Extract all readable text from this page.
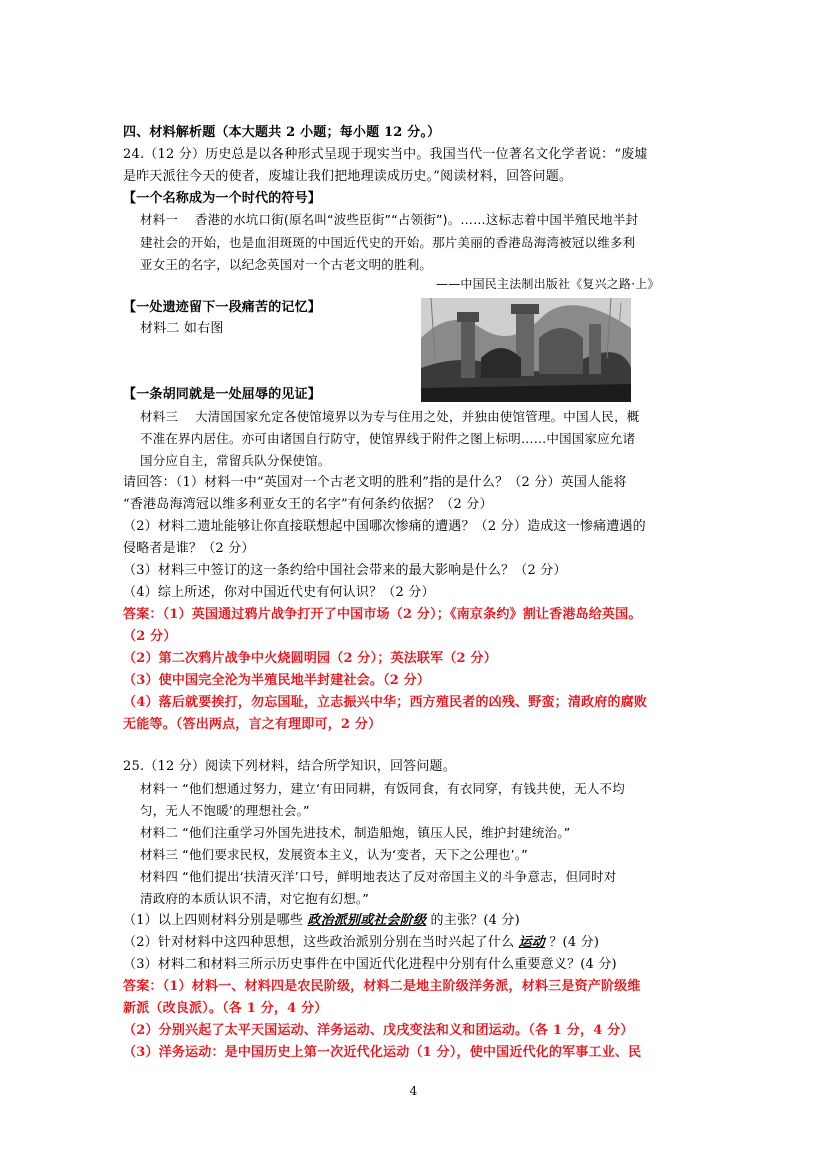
四、材料解析题（本大题共 2 小题；每小题 12 分。）
24.（12 分）历史总是以各种形式呈现于现实当中。我国当代一位著名文化学者说：“废墟
是昨天派往今天的使者，废墟让我们把地理读成历史。”阅读材料，回答问题。
【一个名称成为一个时代的符号】
材料一　 香港的水坑口街(原名叫“波些臣街”“占领街”)。……这标志着中国半殖民地半封
建社会的开始，也是血泪斑斑的中国近代史的开始。那片美丽的香港岛海湾被冠以维多利
亚女王的名字，以纪念英国对一个古老文明的胜利。
——中国民主法制出版社《复兴之路·上》
【一处遗迹留下一段痛苦的记忆】
材料二 如右图
【一条胡同就是一处屈辱的见证】
材料三　 大清国国家允定各使馆境界以为专与住用之处，并独由使馆管理。中国人民，概
不准在界内居住。亦可由诸国自行防守，使馆界线于附件之图上标明……中国国家应允诸
国分应自主，常留兵队分保使馆。
请回答：（1）材料一中“英国对一个古老文明的胜利”指的是什么？（2 分）英国人能将
“香港岛海湾冠以维多利亚女王的名字”有何条约依据？（2 分）
（2）材料二遗址能够让你直接联想起中国哪次惨痛的遭遇？（2 分）造成这一惨痛遭遇的
侵略者是谁？（2 分）
（3）材料三中签订的这一条约给中国社会带来的最大影响是什么？（2 分）
（4）综上所述，你对中国近代史有何认识？（2 分）
答案：（1）英国通过鸦片战争打开了中国市场（2 分）；《南京条约》割让香港岛给英国。
（2 分）
（2）第二次鸦片战争中火烧圆明园（2 分）；英法联军（2 分）
（3）使中国完全沦为半殖民地半封建社会。（2 分）
（4）落后就要挨打，勿忘国耻，立志振兴中华；西方殖民者的凶残、野蛮；清政府的腐败
无能等。（答出两点，言之有理即可，2 分）
25.（12 分）阅读下列材料，结合所学知识，回答问题。
材料一 “他们想通过努力，建立‘有田同耕，有饭同食，有衣同穿，有钱共使，无人不均
匀，无人不饱暖’的理想社会。”
材料二 “他们注重学习外国先进技术，制造船炮，镇压人民，维护封建统治。”
材料三 “他们要求民权，发展资本主义，认为‘变者，天下之公理也’。”
材料四 “他们提出‘扶清灭洋’口号，鲜明地表达了反对帝国主义的斗争意志，但同时对
清政府的本质认识不清，对它抱有幻想。”
（1）以上四则材料分别是哪些 政治派别或社会阶级 的主张？(4 分)
（2）针对材料中这四种思想，这些政治派别分别在当时兴起了什么 运动 ？(4 分)
（3）材料二和材料三所示历史事件在中国近代化进程中分别有什么重要意义？(4 分)
答案：（1）材料一、材料四是农民阶级，材料二是地主阶级洋务派，材料三是资产阶级维
新派（改良派）。（各 1 分，4 分）
（2）分别兴起了太平天国运动、洋务运动、戊戌变法和义和团运动。（各 1 分，4 分）
（3）洋务运动：是中国历史上第一次近代化运动（1 分），使中国近代化的军事工业、民
4
